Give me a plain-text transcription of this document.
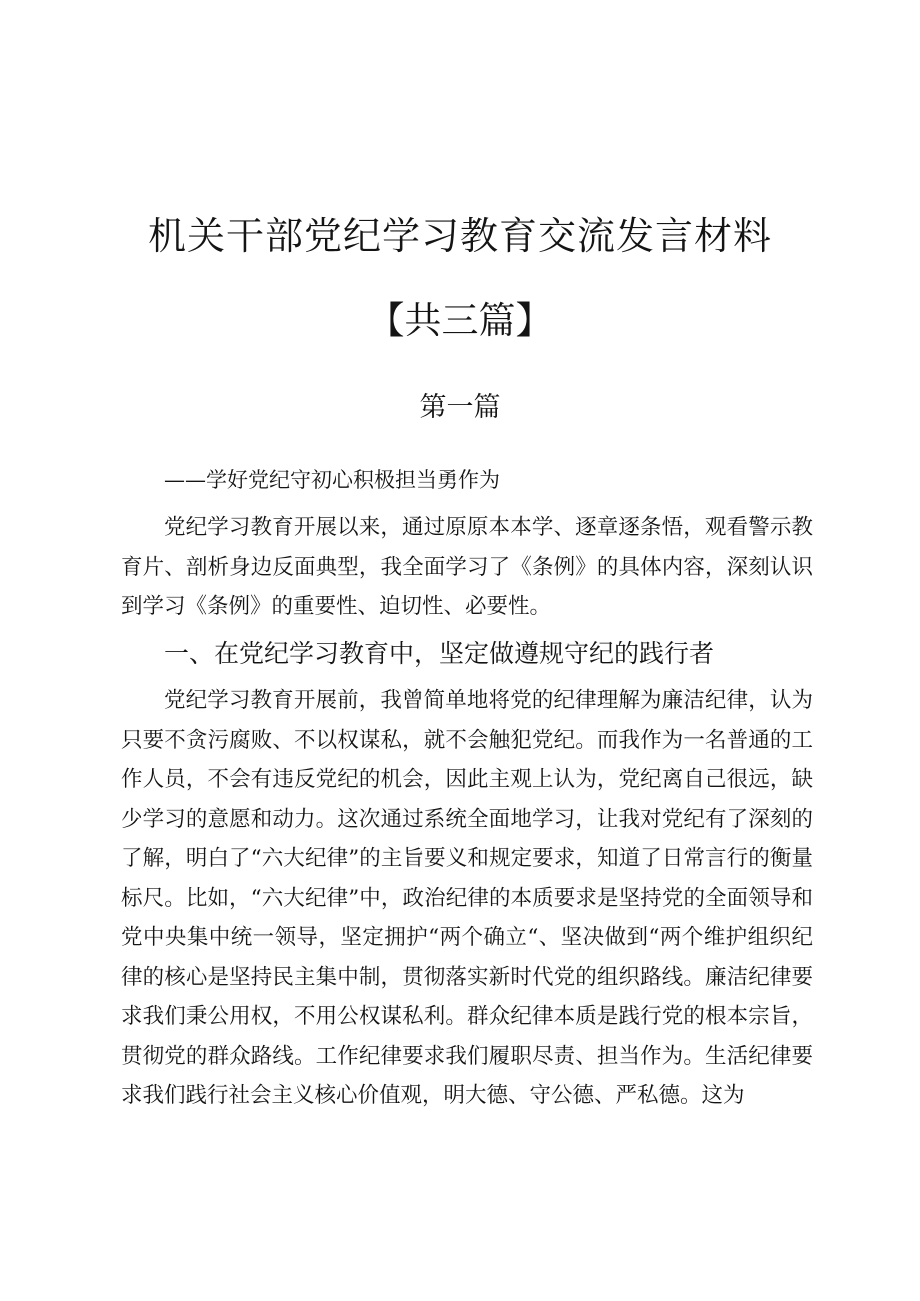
机关干部党纪学习教育交流发言材料
【共三篇】
第一篇
——学好党纪守初心积极担当勇作为

党纪学习教育开展以来，通过原原本本学、逐章逐条悟，观看警示教育片、剖析身边反面典型，我全面学习了《条例》的具体内容，深刻认识到学习《条例》的重要性、迫切性、必要性。

一、在党纪学习教育中，坚定做遵规守纪的践行者

党纪学习教育开展前，我曾简单地将党的纪律理解为廉洁纪律，认为只要不贪污腐败、不以权谋私，就不会触犯党纪。而我作为一名普通的工作人员，不会有违反党纪的机会，因此主观上认为，党纪离自己很远，缺少学习的意愿和动力。这次通过系统全面地学习，让我对党纪有了深刻的了解，明白了“六大纪律”的主旨要义和规定要求，知道了日常言行的衡量标尺。比如，“六大纪律”中，政治纪律的本质要求是坚持党的全面领导和党中央集中统一领导，坚定拥护“两个确立“、坚决做到“两个维护组织纪律的核心是坚持民主集中制，贯彻落实新时代党的组织路线。廉洁纪律要求我们秉公用权，不用公权谋私利。群众纪律本质是践行党的根本宗旨，贯彻党的群众路线。工作纪律要求我们履职尽责、担当作为。生活纪律要求我们践行社会主义核心价值观，明大德、守公德、严私德。这为
